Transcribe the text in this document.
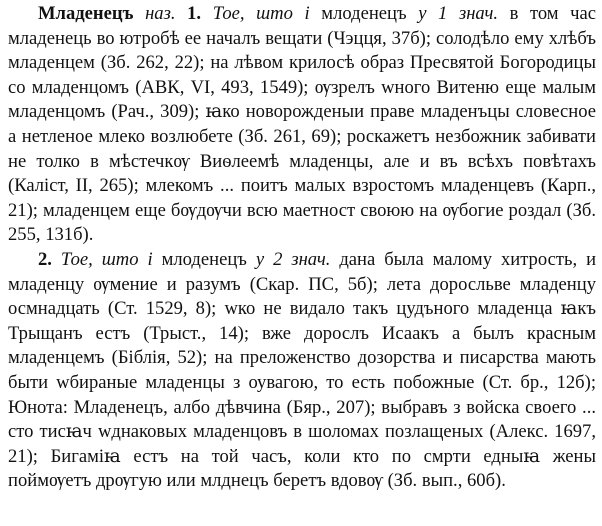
Младенецъ наз. 1. Тое, што і млоденецъ у 1 знач. в том час младенець во ютробѣ ее началъ вещати (Чэцця, 37б); солодѣло ему хлѣбъ младенцем (Зб. 262, 22); на лѣвом крилосѣ образ Пресвятой Богородицы со младенцомъ (АВК, VI, 493, 1549); ѹзрелъ wного Витеню еще малым младенцомъ (Рач., 309); ꙗко новорожденыи праве младенъцы словесное а нетленое млеко возлюбете (Зб. 261, 69); роскажетъ незбожник забивати не толко в мѣстечкѹ Виѳлеемѣ младенцы, але и въ всѣхъ повѣтахъ (Каліст, II, 265); млекомъ ... поитъ малых взростомъ младенцевъ (Карп., 21); младенцем еще бѹдѹчи всю маетност своюю на ѹбогие роздал (Зб. 255, 131б).

2. Тое, што і млоденецъ у 2 знач. дана была малому хитрость, и младенцу ѹмение и разумъ (Скар. ПС, 5б); лета доросльве младенцу осмнадцать (Ст. 1529, 8); wко не видало такъ цудъного младенца ꙗкъ Трыщанъ естъ (Трыст., 14); вже дорослъ Исаакъ а былъ красным младенцемъ (Біблія, 52); на преложенство дозорства и писарства мають быти wбираные младенцы з оувагою, то есть побожные (Ст. бр., 12б); Юнота: Младенецъ, албо дѣвчина (Бяр., 207); выбравъ з войска своего ... сто тисꙗч wднаковых младенцовъ в шоломах позлащеных (Алекс. 1697, 21); Бигаміꙗ естъ на той часъ, коли кто по смрти едныꙗ жены поймѹетъ дрѹгую или млднецъ беретъ вдовѹ (Зб. вып., 60б).
